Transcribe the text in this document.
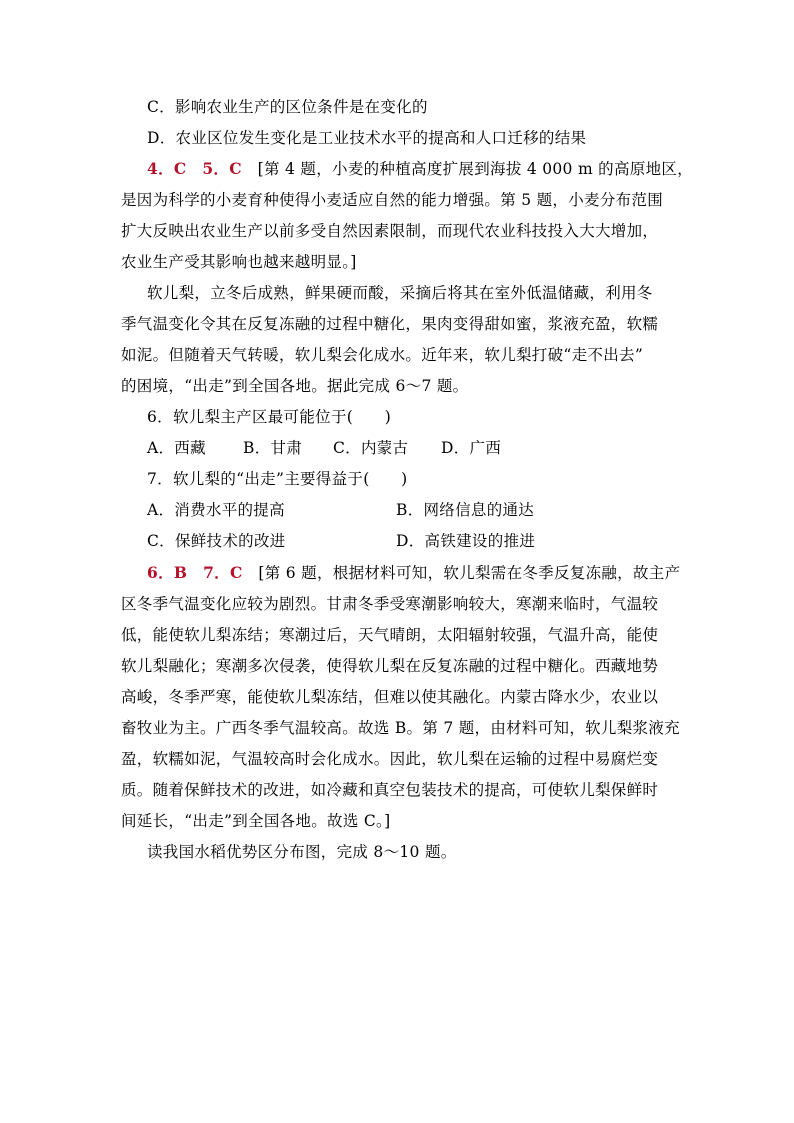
C．影响农业生产的区位条件是在变化的
D．农业区位发生变化是工业技术水平的提高和人口迁移的结果
4．C　5．C　 [第 4 题，小麦的种植高度扩展到海拔 4 000 m 的高原地区，
是因为科学的小麦育种使得小麦适应自然的能力增强。第 5 题，小麦分布范围
扩大反映出农业生产以前多受自然因素限制，而现代农业科技投入大大增加，
农业生产受其影响也越来越明显。]
软儿梨，立冬后成熟，鲜果硬而酸，采摘后将其在室外低温储藏，利用冬
季气温变化令其在反复冻融的过程中糖化，果肉变得甜如蜜，浆液充盈，软糯
如泥。但随着天气转暖，软儿梨会化成水。近年来，软儿梨打破“走不出去”
的困境，“出走”到全国各地。据此完成 6～7 题。
6．软儿梨主产区最可能位于(　　)
A．西藏 B．甘肃 C．内蒙古 D．广西
7．软儿梨的“出走”主要得益于(　　)
A．消费水平的提高	B．网络信息的通达
C．保鲜技术的改进	D．高铁建设的推进
6．B　7．C　 [第 6 题，根据材料可知，软儿梨需在冬季反复冻融，故主产
区冬季气温变化应较为剧烈。甘肃冬季受寒潮影响较大，寒潮来临时，气温较
低，能使软儿梨冻结；寒潮过后，天气晴朗，太阳辐射较强，气温升高，能使
软儿梨融化；寒潮多次侵袭，使得软儿梨在反复冻融的过程中糖化。西藏地势
高峻，冬季严寒，能使软儿梨冻结，但难以使其融化。内蒙古降水少，农业以
畜牧业为主。广西冬季气温较高。故选 B。第 7 题，由材料可知，软儿梨浆液充
盈，软糯如泥，气温较高时会化成水。因此，软儿梨在运输的过程中易腐烂变
质。随着保鲜技术的改进，如冷藏和真空包装技术的提高，可使软儿梨保鲜时
间延长，“出走”到全国各地。故选 C。]
读我国水稻优势区分布图，完成 8～10 题。
